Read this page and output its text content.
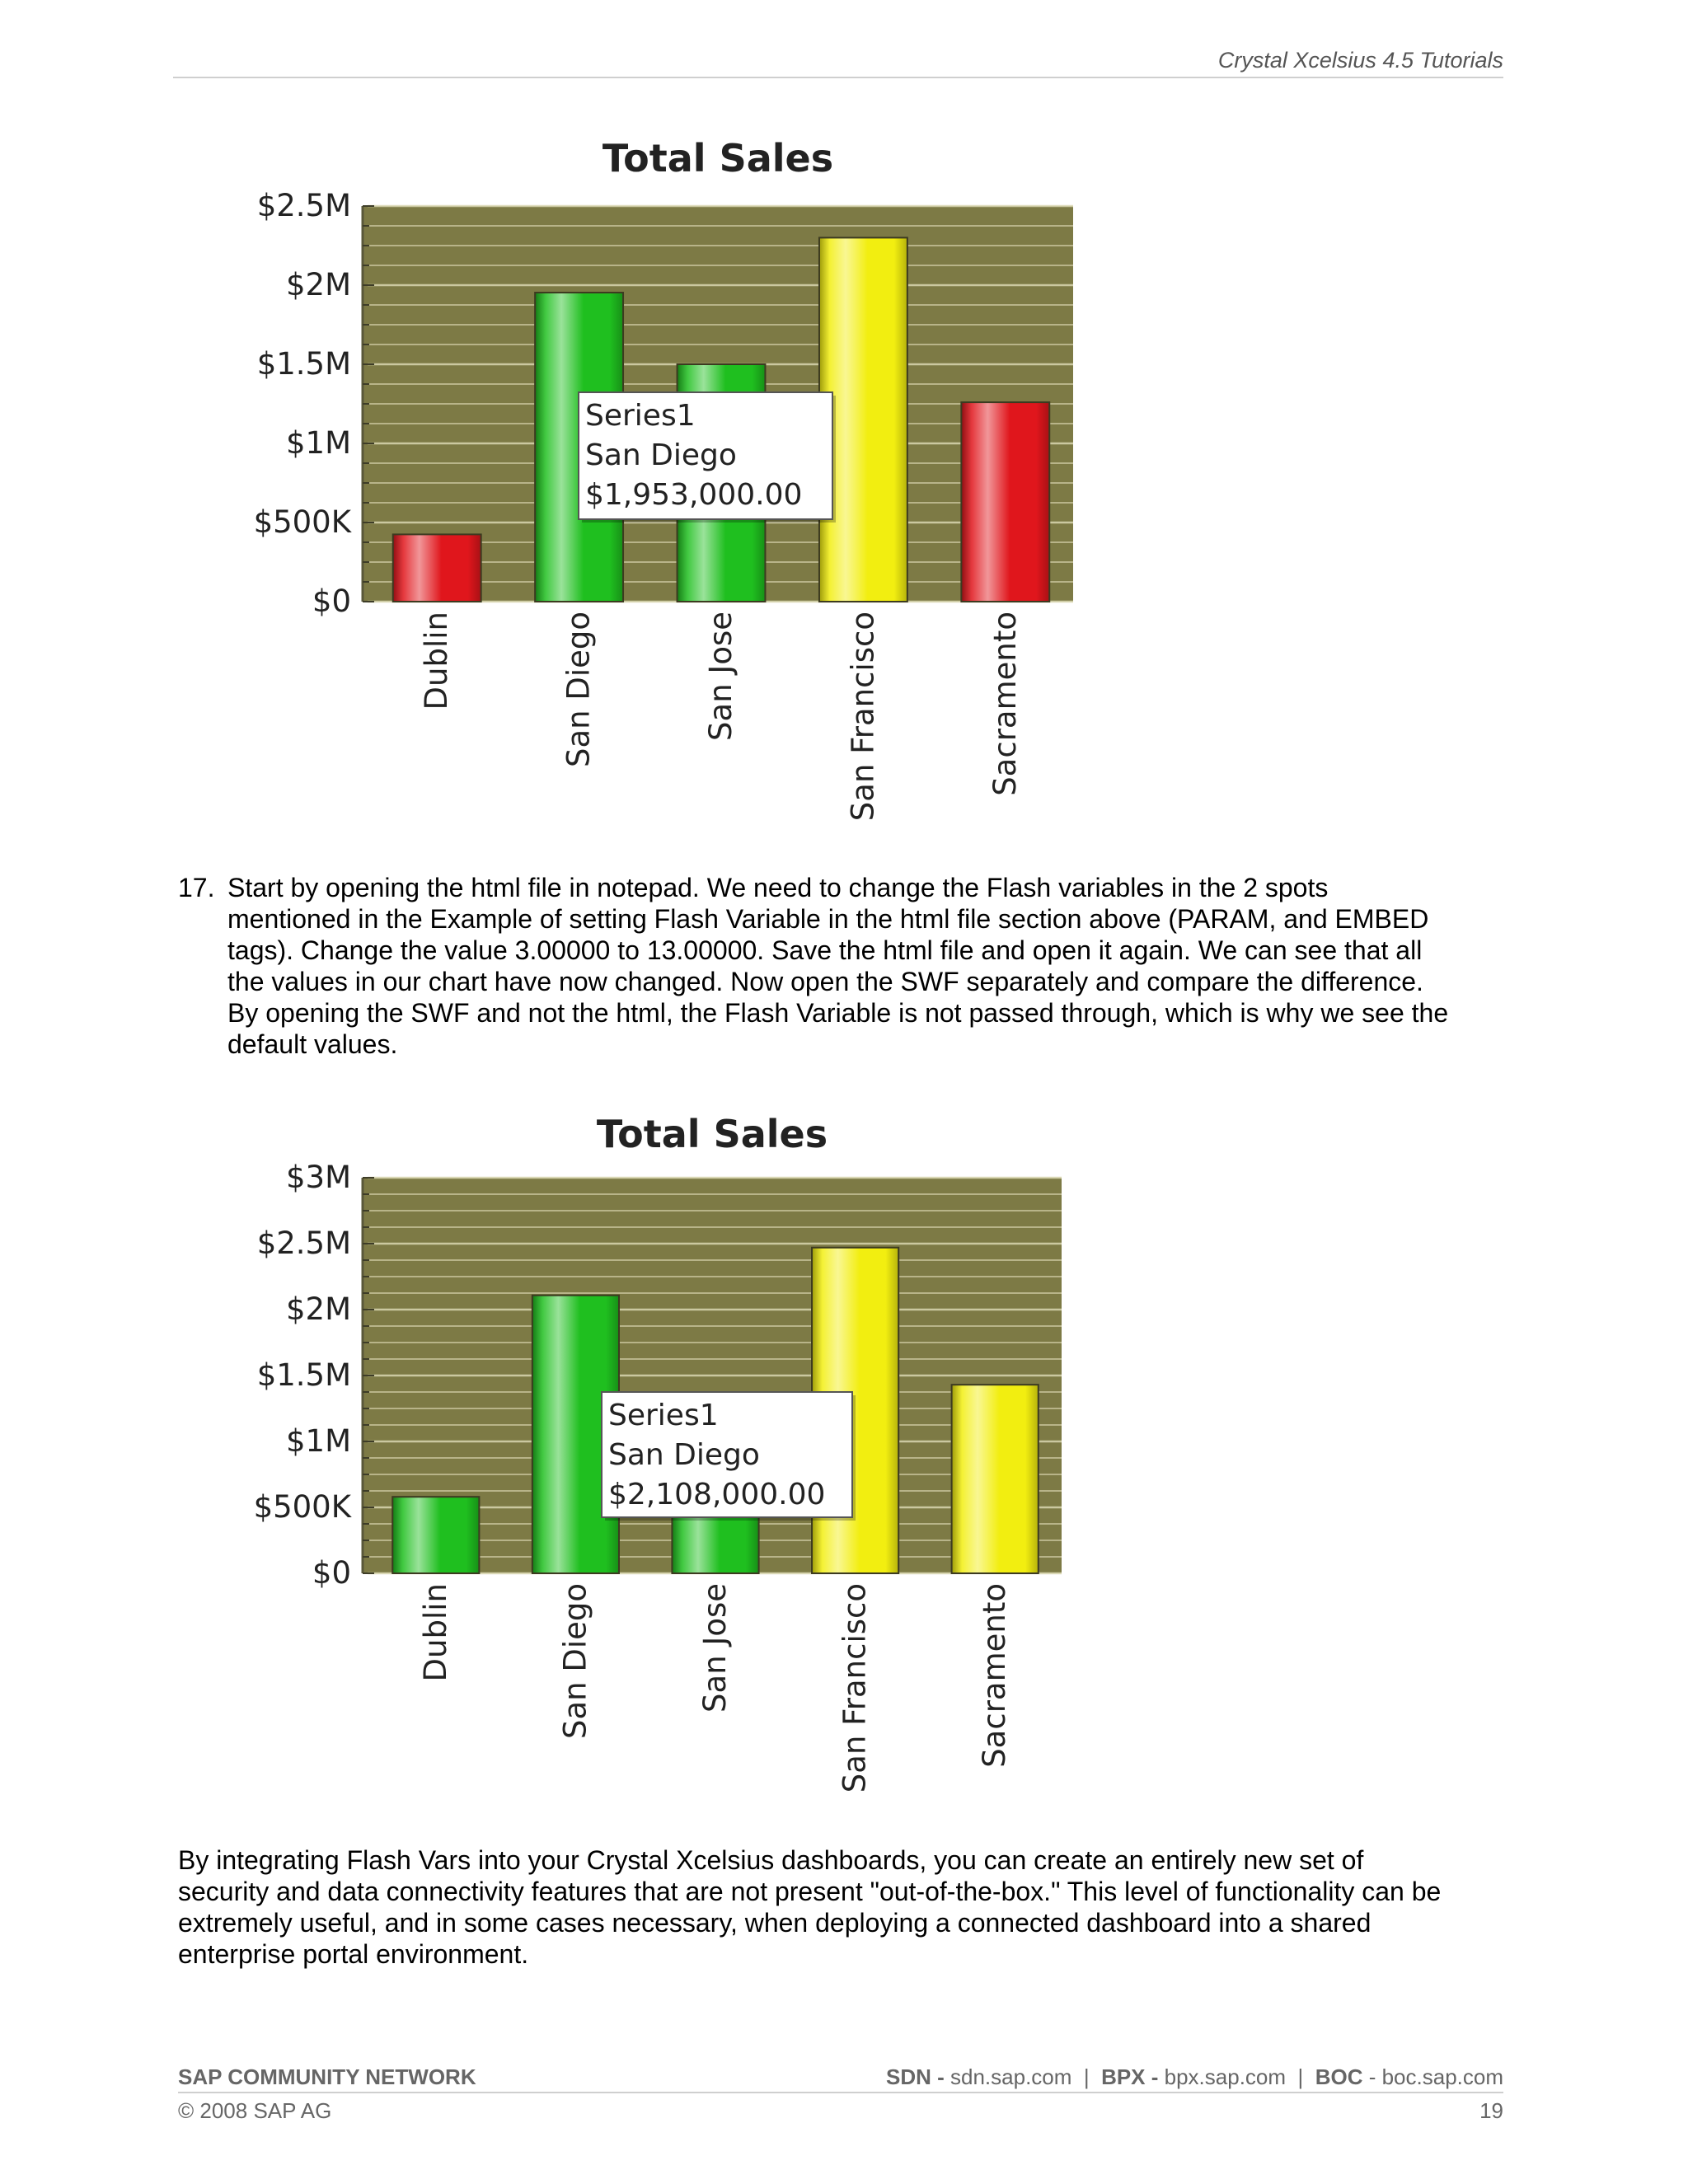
Crystal Xcelsius 4.5 Tutorials
Total Sales
$0
$500K
$1M
$1.5M
$2M
$2.5M
Dublin	San Diego	San Jose	San Francisco	Sacramento
Series1
San Diego
$1,953,000.00
17. Start by opening the html file in notepad. We need to change the Flash variables in the 2 spots
mentioned in the Example of setting Flash Variable in the html file section above (PARAM, and EMBED
tags). Change the value 3.00000 to 13.00000. Save the html file and open it again. We can see that all
the values in our chart have now changed. Now open the SWF separately and compare the difference.
By opening the SWF and not the html, the Flash Variable is not passed through, which is why we see the
default values.
Total Sales
$0
$500K
$1M
$1.5M
$2M
$2.5M
$3M
Dublin	San Diego	San Jose	San Francisco	Sacramento
Series1
San Diego
$2,108,000.00
By integrating Flash Vars into your Crystal Xcelsius dashboards, you can create an entirely new set of
security and data connectivity features that are not present "out-of-the-box." This level of functionality can be
extremely useful, and in some cases necessary, when deploying a connected dashboard into a shared
enterprise portal environment.
SAP COMMUNITY NETWORK	SDN - sdn.sap.com  |  BPX - bpx.sap.com  |  BOC - boc.sap.com
© 2008 SAP AG	19
